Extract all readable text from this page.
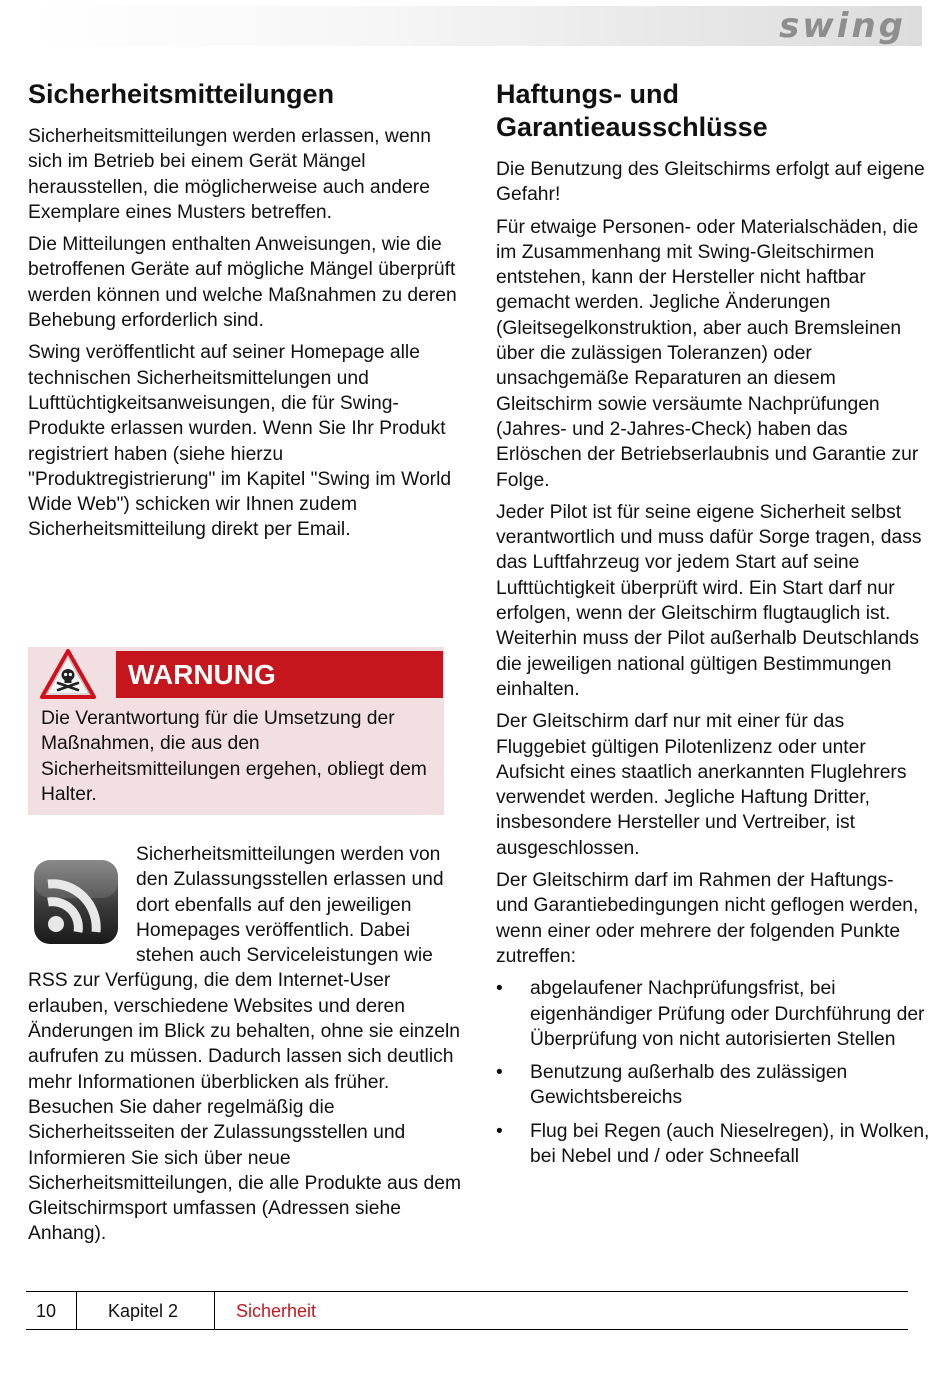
swing
Sicherheitsmitteilungen

Sicherheitsmitteilungen werden erlassen, wenn sich im Betrieb bei einem Gerät Mängel herausstellen, die möglicherweise auch andere Exemplare eines Musters betreffen.

Die Mitteilungen enthalten Anweisungen, wie die betroffenen Geräte auf mögliche Mängel überprüft werden können und welche Maßnahmen zu deren Behebung erforderlich sind.

Swing veröffentlicht auf seiner Homepage alle technischen Sicherheitsmittelungen und Lufttüchtigkeitsanweisungen, die für Swing-Produkte erlassen wurden. Wenn Sie Ihr Produkt registriert haben (siehe hierzu "Produktregistrierung" im Kapitel "Swing im World Wide Web") schicken wir Ihnen zudem Sicherheitsmitteilung direkt per Email.

WARNUNG

Die Verantwortung für die Umsetzung der Maßnahmen, die aus den Sicherheitsmitteilungen ergehen, obliegt dem Halter.

Sicherheitsmitteilungen werden von den Zulassungsstellen erlassen und dort ebenfalls auf den jeweiligen Homepages veröffentlich. Dabei stehen auch Serviceleistungen wie RSS zur Verfügung, die dem Internet-User erlauben, verschiedene Websites und deren Änderungen im Blick zu behalten, ohne sie einzeln aufrufen zu müssen. Dadurch lassen sich deutlich mehr Informationen überblicken als früher. Besuchen Sie daher regelmäßig die Sicherheitsseiten der Zulassungsstellen und Informieren Sie sich über neue Sicherheitsmitteilungen, die alle Produkte aus dem Gleitschirmsport umfassen (Adressen siehe Anhang).

Haftungs- und Garantieausschlüsse

Die Benutzung des Gleitschirms erfolgt auf eigene Gefahr!

Für etwaige Personen- oder Materialschäden, die im Zusammenhang mit Swing-Gleitschirmen entstehen, kann der Hersteller nicht haftbar gemacht werden. Jegliche Änderungen (Gleitsegelkonstruktion, aber auch Bremsleinen über die zulässigen Toleranzen) oder unsachgemäße Reparaturen an diesem Gleitschirm sowie versäumte Nachprüfungen (Jahres- und 2-Jahres-Check) haben das Erlöschen der Betriebserlaubnis und Garantie zur Folge.

Jeder Pilot ist für seine eigene Sicherheit selbst verantwortlich und muss dafür Sorge tragen, dass das Luftfahrzeug vor jedem Start auf seine Lufttüchtigkeit überprüft wird. Ein Start darf nur erfolgen, wenn der Gleitschirm flugtauglich ist. Weiterhin muss der Pilot außerhalb Deutschlands die jeweiligen national gültigen Bestimmungen einhalten.

Der Gleitschirm darf nur mit einer für das Fluggebiet gültigen Pilotenlizenz oder unter Aufsicht eines staatlich anerkannten Fluglehrers verwendet werden. Jegliche Haftung Dritter, insbesondere Hersteller und Vertreiber, ist ausgeschlossen.

Der Gleitschirm darf im Rahmen der Haftungs- und Garantiebedingungen nicht geflogen werden, wenn einer oder mehrere der folgenden Punkte zutreffen:

• abgelaufener Nachprüfungsfrist, bei eigenhändiger Prüfung oder Durchführung der Überprüfung von nicht autorisierten Stellen
• Benutzung außerhalb des zulässigen Gewichtsbereichs
• Flug bei Regen (auch Nieselregen), in Wolken, bei Nebel und / oder Schneefall
10	Kapitel 2	Sicherheit
